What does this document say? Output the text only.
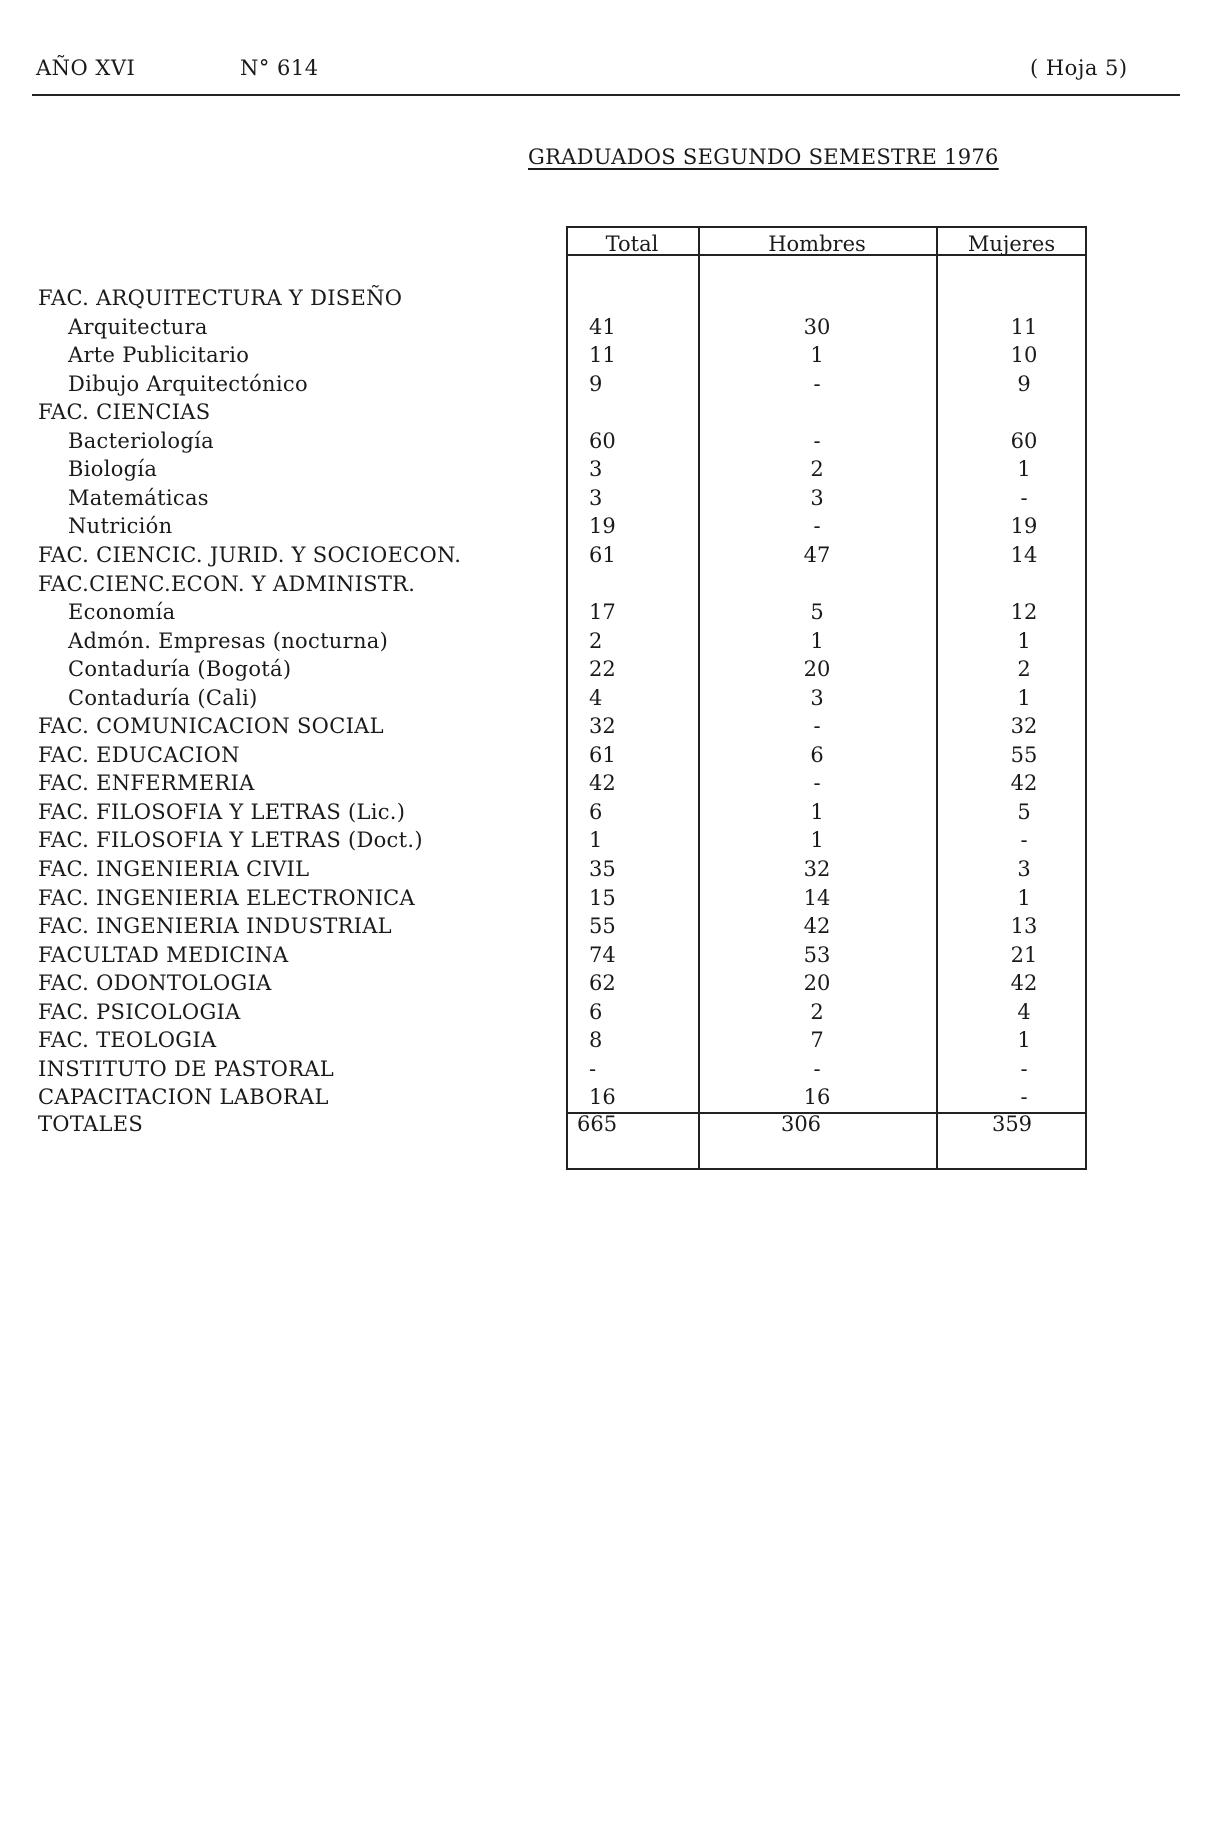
AÑO XVI	N° 614	( Hoja 5)
GRADUADOS SEGUNDO SEMESTRE 1976
Total	Hombres	Mujeres
FAC. ARQUITECTURA Y DISEÑO
Arquitectura	41	30	11
Arte Publicitario	11	1	10
Dibujo Arquitectónico	9	-	9
FAC. CIENCIAS
Bacteriología	60	-	60
Biología	3	2	1
Matemáticas	3	3	-
Nutrición	19	-	19
FAC. CIENCIC. JURID. Y SOCIOECON.	61	47	14
FAC.CIENC.ECON. Y ADMINISTR.
Economía	17	5	12
Admón. Empresas (nocturna)	2	1	1
Contaduría (Bogotá)	22	20	2
Contaduría (Cali)	4	3	1
FAC. COMUNICACION SOCIAL	32	-	32
FAC. EDUCACION	61	6	55
FAC. ENFERMERIA	42	-	42
FAC. FILOSOFIA Y LETRAS (Lic.)	6	1	5
FAC. FILOSOFIA Y LETRAS (Doct.)	1	1	-
FAC. INGENIERIA CIVIL	35	32	3
FAC. INGENIERIA ELECTRONICA	15	14	1
FAC. INGENIERIA INDUSTRIAL	55	42	13
FACULTAD MEDICINA	74	53	21
FAC. ODONTOLOGIA	62	20	42
FAC. PSICOLOGIA	6	2	4
FAC. TEOLOGIA	8	7	1
INSTITUTO DE PASTORAL	-	-	-
CAPACITACION LABORAL	16	16	-
TOTALES	665	306	359
